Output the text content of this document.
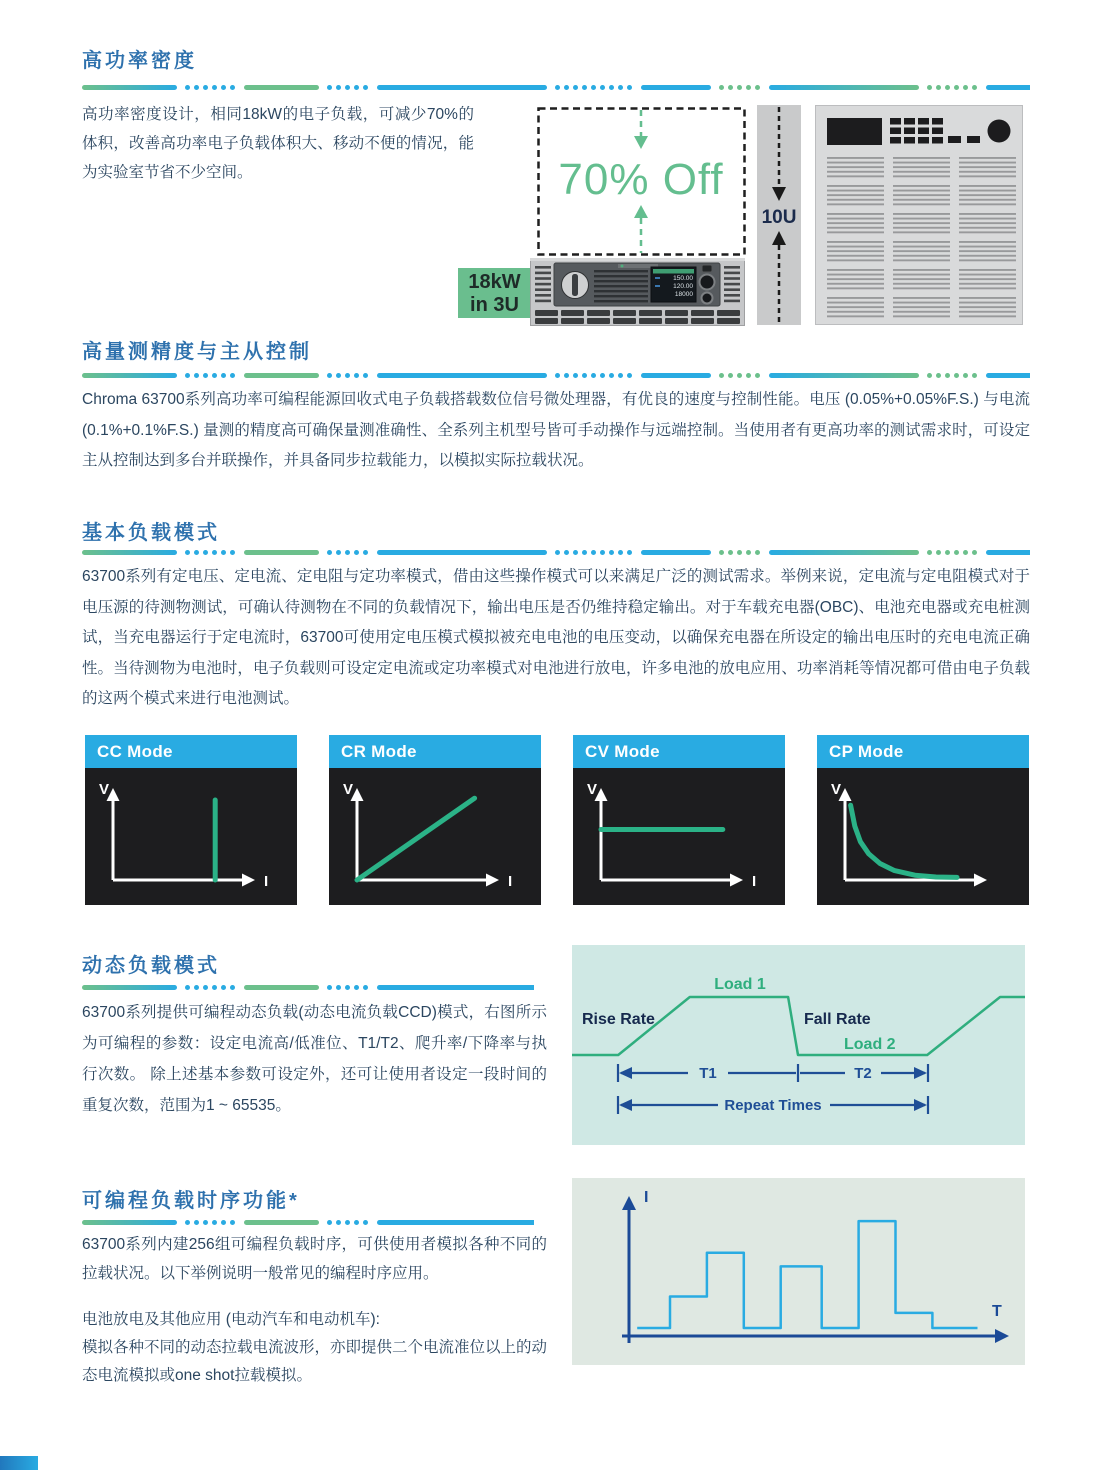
高功率密度

高功率密度设计，相同18kW的电子负载，可减少70%的体积，改善高功率电子负载体积大、移动不便的情况，能为实验室节省不少空间。	70% Off
18kW
in 3U
150.00
120.00
18000
10U
高量测精度与主从控制

Chroma 63700系列高功率可编程能源回收式电子负载搭载数位信号微处理器，有优良的速度与控制性能。电压 (0.05%+0.05%F.S.) 与电流 (0.1%+0.1%F.S.) 量测的精度高可确保量测准确性、全系列主机型号皆可手动操作与远端控制。当使用者有更高功率的测试需求时，可设定主从控制达到多台并联操作，并具备同步拉载能力，以模拟实际拉载状况。

基本负载模式

63700系列有定电压、定电流、定电阻与定功率模式，借由这些操作模式可以来满足广泛的测试需求。举例来说，定电流与定电阻模式对于电压源的待测物测试，可确认待测物在不同的负载情况下，输出电压是否仍维持稳定输出。对于车载充电器(OBC)、电池充电器或充电桩测试，当充电器运行于定电流时，63700可使用定电压模式模拟被充电电池的电压变动，以确保充电器在所设定的输出电压时的充电电流正确性。当待测物为电池时，电子负载则可设定定电流或定功率模式对电池进行放电，许多电池的放电应用、功率消耗等情况都可借由电子负载的这两个模式来进行电池测试。

CC Mode
V
I
CR Mode
V
I
CV Mode
V
I
CP Mode
V
动态负载模式

63700系列提供可编程动态负载(动态电流负载CCD)模式，右图所示为可编程的参数：设定电流高/低准位、T1/T2、爬升率/下降率与执行次数。 除上述基本参数可设定外，还可让使用者设定一段时间的重复次数，范围为1 ~ 65535。

Load 1
Rise Rate	Fall Rate
Load 2
T1	T2
Repeat Times
可编程负载时序功能*

63700系列内建256组可编程负载时序，可供使用者模拟各种不同的拉载状况。以下举例说明一般常见的编程时序应用。

电池放电及其他应用 (电动汽车和电动机车):

模拟各种不同的动态拉载电流波形，亦即提供二个电流准位以上的动态电流模拟或one shot拉载模拟。

I
T
